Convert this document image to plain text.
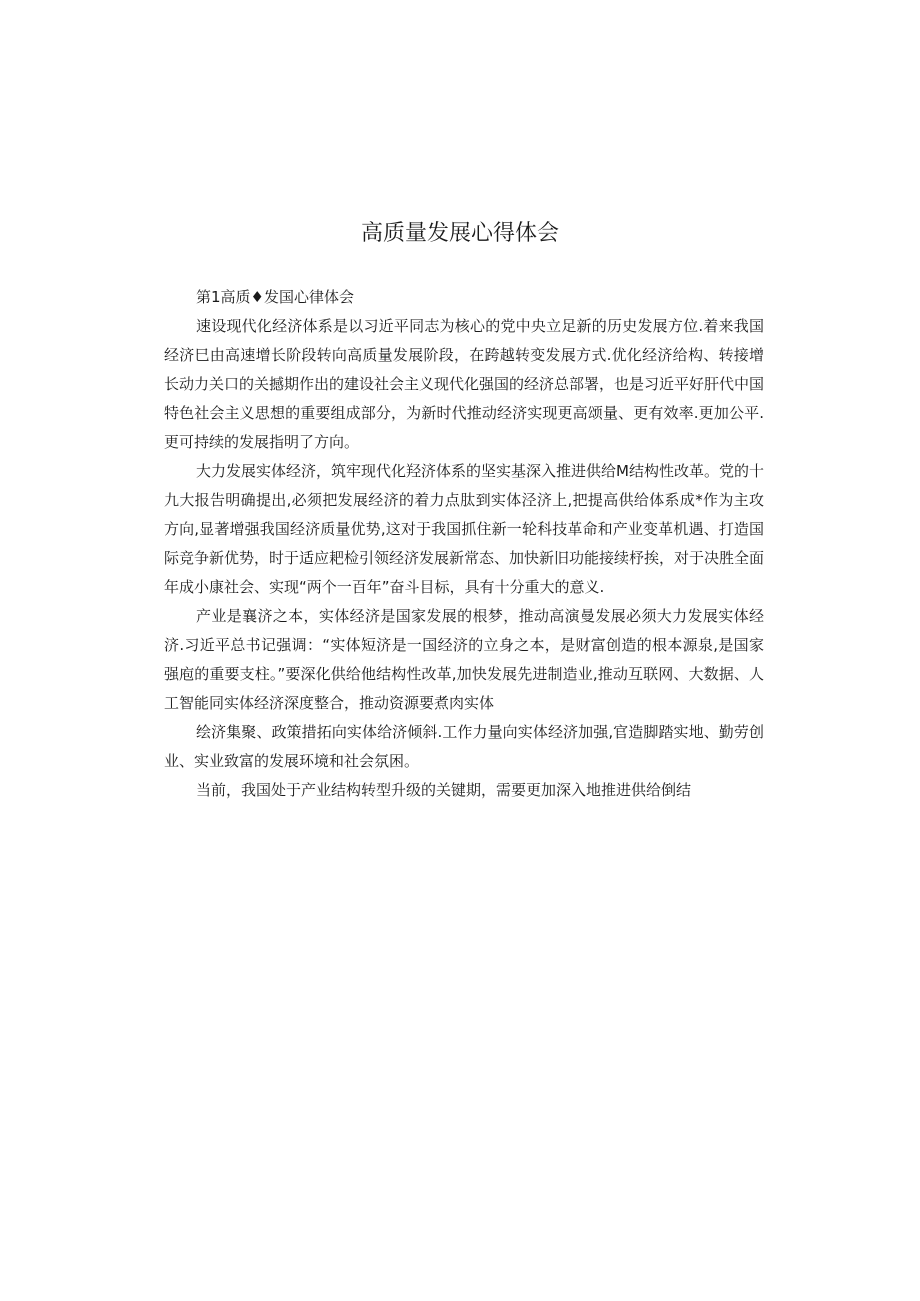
高质量发展心得体会

第1高质♦发国心律体会

速设现代化经济体系是以习近平同志为核心的党中央立足新的历史发展方位.着来我国经济巳由高速增长阶段转向高质量发展阶段，在跨越转变发展方式.优化经济给构、转接增长动力关口的关撼期作出的建设社会主义现代化强国的经济总部署，也是习近平好肝代中国特色社会主义思想的重要组成部分，为新时代推动经济实现更高颂量、更有效率.更加公平.更可持续的发展指明了方向。

大力发展实体经济，筑牢现代化羟济体系的坚实基深入推进供给M结构性改革。党的十九大报告明确提出,必须把发展经济的着力点肽到实体泾济上,把提高供给体系成*作为主攻方向,显著增强我国经济质量优势,这对于我国抓住新一轮科技革命和产业变革机遇、打造国际竞争新优势，时于适应耙检引领经济发展新常态、加快新旧功能接续杼挨，对于决胜全面年成小康社会、实现“两个一百年”奋斗目标，具有十分重大的意义.

产业是襄济之本，实体经济是国家发展的根梦，推动高演曼发展必须大力发展实体经济.习近平总书记强调：“实体短济是一国经济的立身之本，是财富创造的根本源泉,是国家强庖的重要支柱。”要深化供给他结构性改革,加快发展先进制造业,推动互联网、大数据、人工智能同实体经济深度整合，推动资源要煮肉实体

绘济集聚、政策措拓向实体给济倾斜.工作力量向实体经济加强,官造脚踏实地、勤劳创业、实业致富的发展环境和社会氛困。

当前，我国处于产业结构转型升级的关键期，需要更加深入地推进供给倒结
